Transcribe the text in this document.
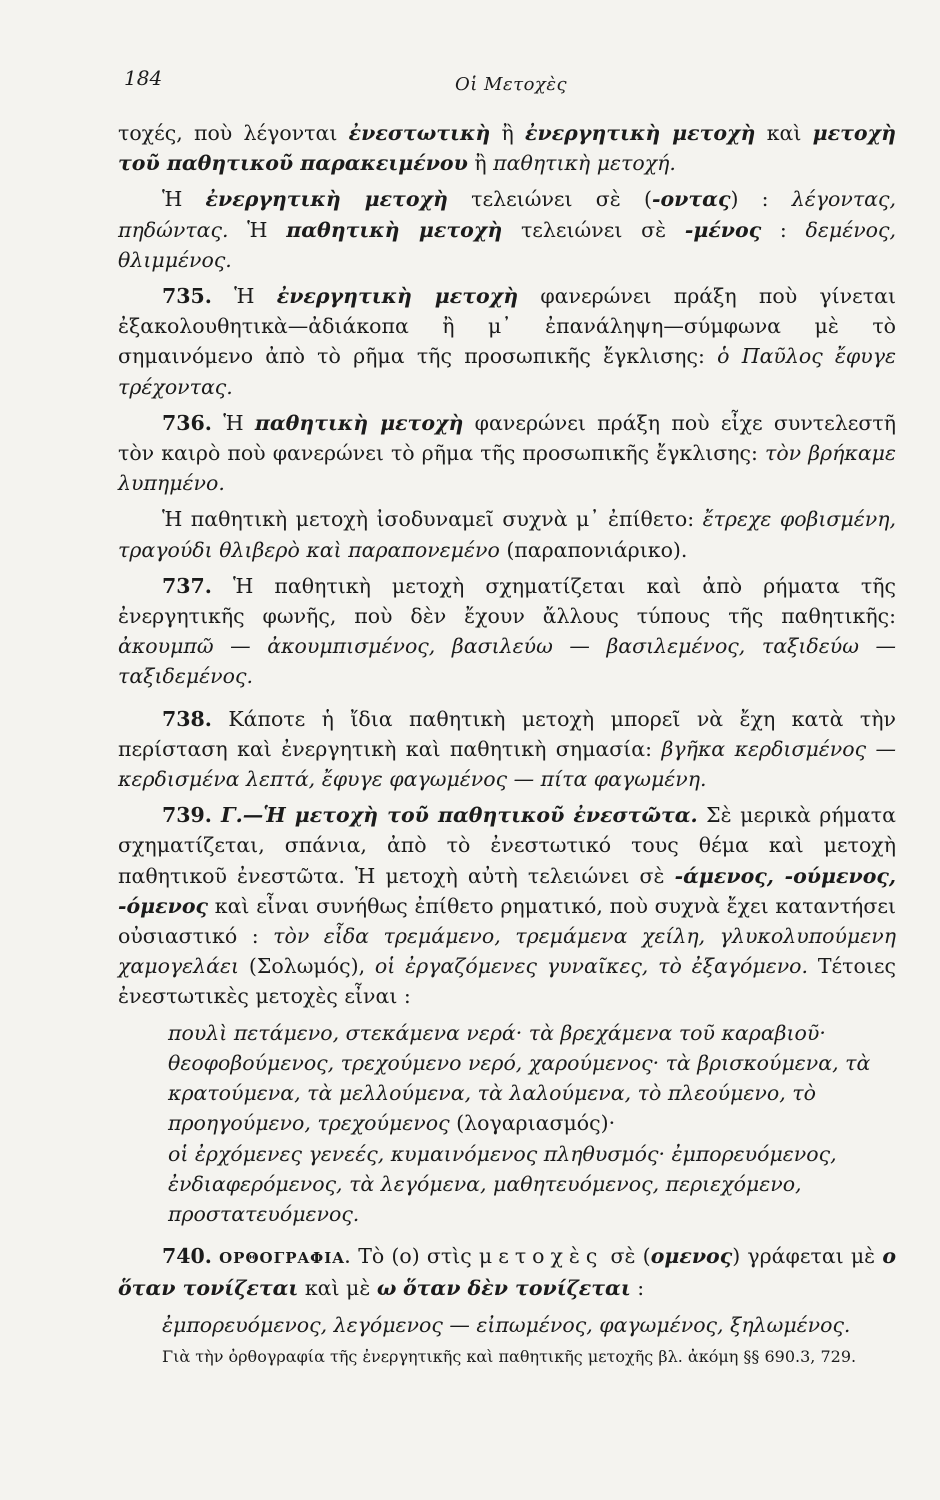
184	Οἱ Μετοχὲς

τοχές, ποὺ λέγονται ἐνεστωτικὴ ἢ ἐνεργητικὴ μετοχὴ καὶ μετοχὴ τοῦ παθητικοῦ παρακειμένου ἢ παθητικὴ μετοχή.

Ἡ ἐνεργητικὴ μετοχὴ τελειώνει σὲ (-οντας) : λέγοντας, πηδώντας. Ἡ παθητικὴ μετοχὴ τελειώνει σὲ -μένος : δεμένος, θλιμμένος.

735. Ἡ ἐνεργητικὴ μετοχὴ φανερώνει πράξη ποὺ γίνεται ἐξακολουθητικὰ—ἀδιάκοπα ἢ μ᾽ ἐπανάληψη—σύμφωνα μὲ τὸ σημαινόμενο ἀπὸ τὸ ρῆμα τῆς προσωπικῆς ἔγκλισης: ὁ Παῦλος ἔφυγε τρέχοντας.

736. Ἡ παθητικὴ μετοχὴ φανερώνει πράξη ποὺ εἶχε συντελεστῆ τὸν καιρὸ ποὺ φανερώνει τὸ ρῆμα τῆς προσωπικῆς ἔγκλισης: τὸν βρήκαμε λυπημένο.

Ἡ παθητικὴ μετοχὴ ἰσοδυναμεῖ συχνὰ μ᾽ ἐπίθετο: ἔτρεχε φοβισμένη, τραγούδι θλιβερὸ καὶ παραπονεμένο (παραπονιάρικο).

737. Ἡ παθητικὴ μετοχὴ σχηματίζεται καὶ ἀπὸ ρήματα τῆς ἐνεργητικῆς φωνῆς, ποὺ δὲν ἔχουν ἄλλους τύπους τῆς παθητικῆς: ἀκουμπῶ — ἀκουμπισμένος, βασιλεύω — βασιλεμένος, ταξιδεύω — ταξιδεμένος.

738. Κάποτε ἡ ἴδια παθητικὴ μετοχὴ μπορεῖ νὰ ἔχη κατὰ τὴν περίσταση καὶ ἐνεργητικὴ καὶ παθητικὴ σημασία: βγῆκα κερδισμένος — κερδισμένα λεπτά, ἔφυγε φαγωμένος — πίτα φαγωμένη.

739. Γ.—Ἡ μετοχὴ τοῦ παθητικοῦ ἐνεστῶτα. Σὲ μερικὰ ρήματα σχηματίζεται, σπάνια, ἀπὸ τὸ ἐνεστωτικό τους θέμα καὶ μετοχὴ παθητικοῦ ἐνεστῶτα. Ἡ μετοχὴ αὐτὴ τελειώνει σὲ -άμενος, -ούμενος, -όμενος καὶ εἶναι συνήθως ἐπίθετο ρηματικό, ποὺ συχνὰ ἔχει καταντήσει οὐσιαστικό : τὸν εἶδα τρεμάμενο, τρεμάμενα χείλη, γλυκολυπούμενη χαμογελάει (Σολωμός), οἱ ἐργαζόμενες γυναῖκες, τὸ ἐξαγόμενο. Τέτοιες ἐνεστωτικὲς μετοχὲς εἶναι :

πουλὶ πετάμενο, στεκάμενα νερά· τὰ βρεχάμενα τοῦ καραβιοῦ·

θεοφοβούμενος, τρεχούμενο νερό, χαρούμενος· τὰ βρισκούμενα, τὰ κρατούμενα, τὰ μελλούμενα, τὰ λαλούμενα, τὸ πλεούμενο, τὸ προηγούμενο, τρεχούμενος (λογαριασμός)·

οἱ ἐρχόμενες γενεές, κυμαινόμενος πληθυσμός· ἐμπορευόμενος, ἐνδιαφερόμενος, τὰ λεγόμενα, μαθητευόμενος, περιεχόμενο, προστατευόμενος.

740. ΟΡΘΟΓΡΑΦΙΑ. Τὸ (ο) στὶς μετοχὲς σὲ (ομενος) γράφεται μὲ ο ὅταν τονίζεται καὶ μὲ ω ὅταν δὲν τονίζεται :

ἐμπορευόμενος, λεγόμενος — εἰπωμένος, φαγωμένος, ξηλωμένος.

Γιὰ τὴν ὀρθογραφία τῆς ἐνεργητικῆς καὶ παθητικῆς μετοχῆς βλ. ἀκόμη §§ 690.3, 729.
